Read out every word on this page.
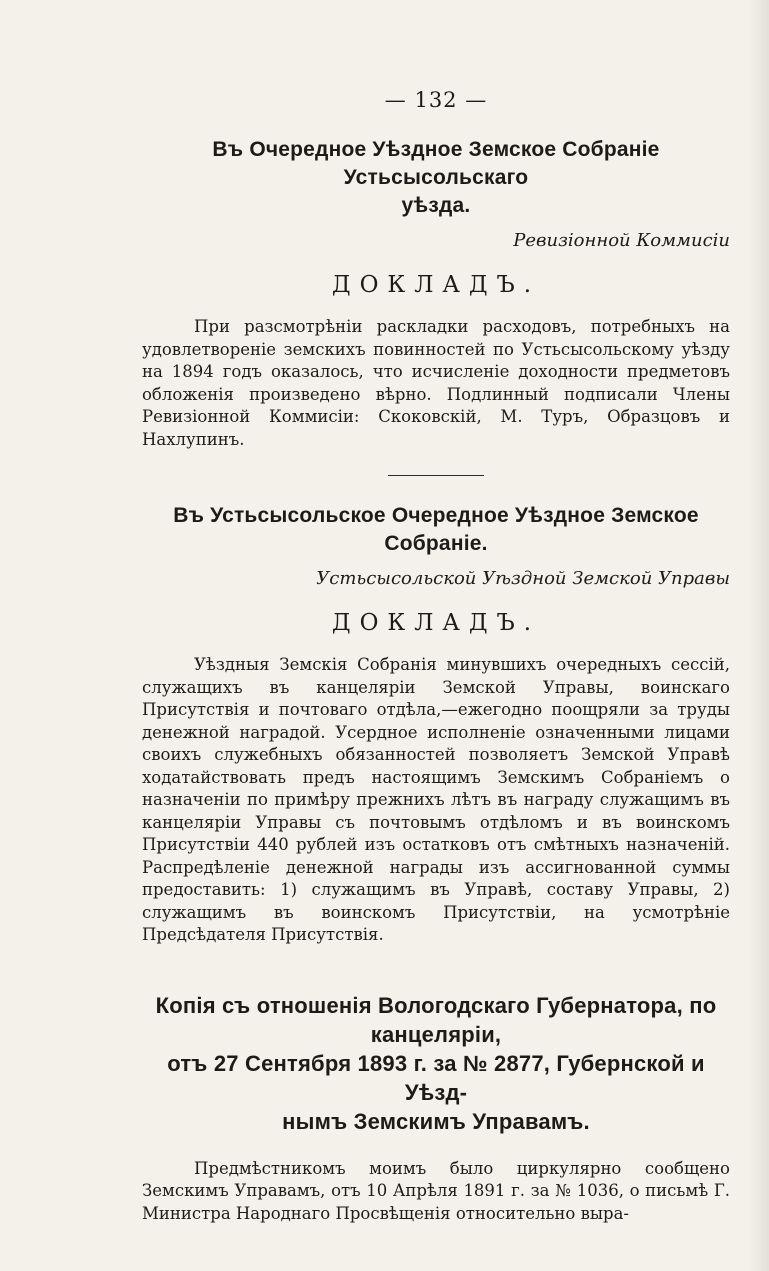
— 132 —
Въ Очередное Уѣздное Земское Собраніе Устьсысольскаго
уѣзда.
Ревизіонной Коммисіи
ДОКЛАДЪ.

При разсмотрѣніи раскладки расходовъ, потребныхъ на удовлетвореніе земскихъ повинностей по Устьсысольскому уѣзду на 1894 годъ оказалось, что исчисленіе доходности предметовъ обложенія произведено вѣрно. Подлинный подписали Члены Ревизіонной Коммисіи: Скоковскій, М. Туръ, Образцовъ и Нахлупинъ.

Въ Устьсысольское Очередное Уѣздное Земское Собраніе.
Устьсысольской Уѣздной Земской Управы
ДОКЛАДЪ.

Уѣздныя Земскія Собранія минувшихъ очередныхъ сессій, служащихъ въ канцеляріи Земской Управы, воинскаго Присутствія и почтоваго отдѣла,—ежегодно поощряли за труды денежной наградой. Усердное исполненіе означенными лицами своихъ служебныхъ обязанностей позволяетъ Земской Управѣ ходатайствовать предъ настоящимъ Земскимъ Собраніемъ о назначеніи по примѣру прежнихъ лѣтъ въ награду служащимъ въ канцеляріи Управы съ почтовымъ отдѣломъ и въ воинскомъ Присутствіи 440 рублей изъ остатковъ отъ смѣтныхъ назначеній. Распредѣленіе денежной награды изъ ассигнованной суммы предоставить: 1) служащимъ въ Управѣ, составу Управы, 2) служащимъ въ воинскомъ Присутствіи, на усмотрѣніе Предсѣдателя Присутствія.

Копія съ отношенія Вологодскаго Губернатора, по канцеляріи,
отъ 27 Сентября 1893 г. за № 2877, Губернской и Уѣзд-
нымъ Земскимъ Управамъ.

Предмѣстникомъ моимъ было циркулярно сообщено Земскимъ Управамъ, отъ 10 Апрѣля 1891 г. за № 1036, о письмѣ Г. Министра Народнаго Просвѣщенія относительно выра-
